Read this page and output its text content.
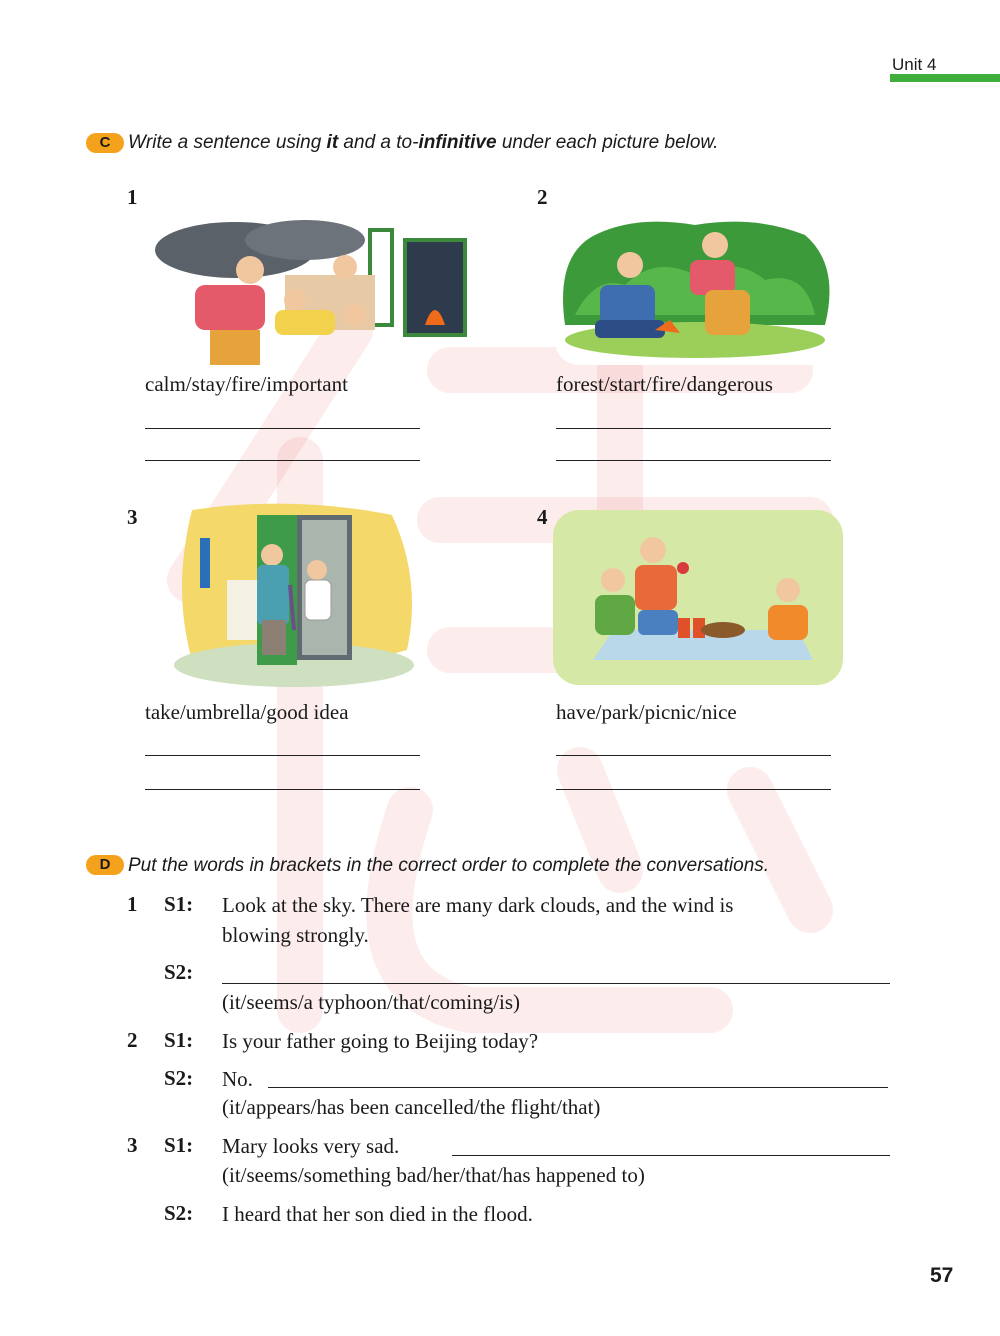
Unit 4
C Write a sentence using it and a to-infinitive under each picture below.
1
calm/stay/fire/important
2
forest/start/fire/dangerous
3
take/umbrella/good idea
4
have/park/picnic/nice
D Put the words in brackets in the correct order to complete the conversations.
1 S1: Look at the sky. There are many dark clouds, and the wind is
blowing strongly.
S2:
(it/seems/a typhoon/that/coming/is)
2 S1: Is your father going to Beijing today?
S2: No.
(it/appears/has been cancelled/the flight/that)
3 S1: Mary looks very sad.
(it/seems/something bad/her/that/has happened to)
S2: I heard that her son died in the flood.
57
